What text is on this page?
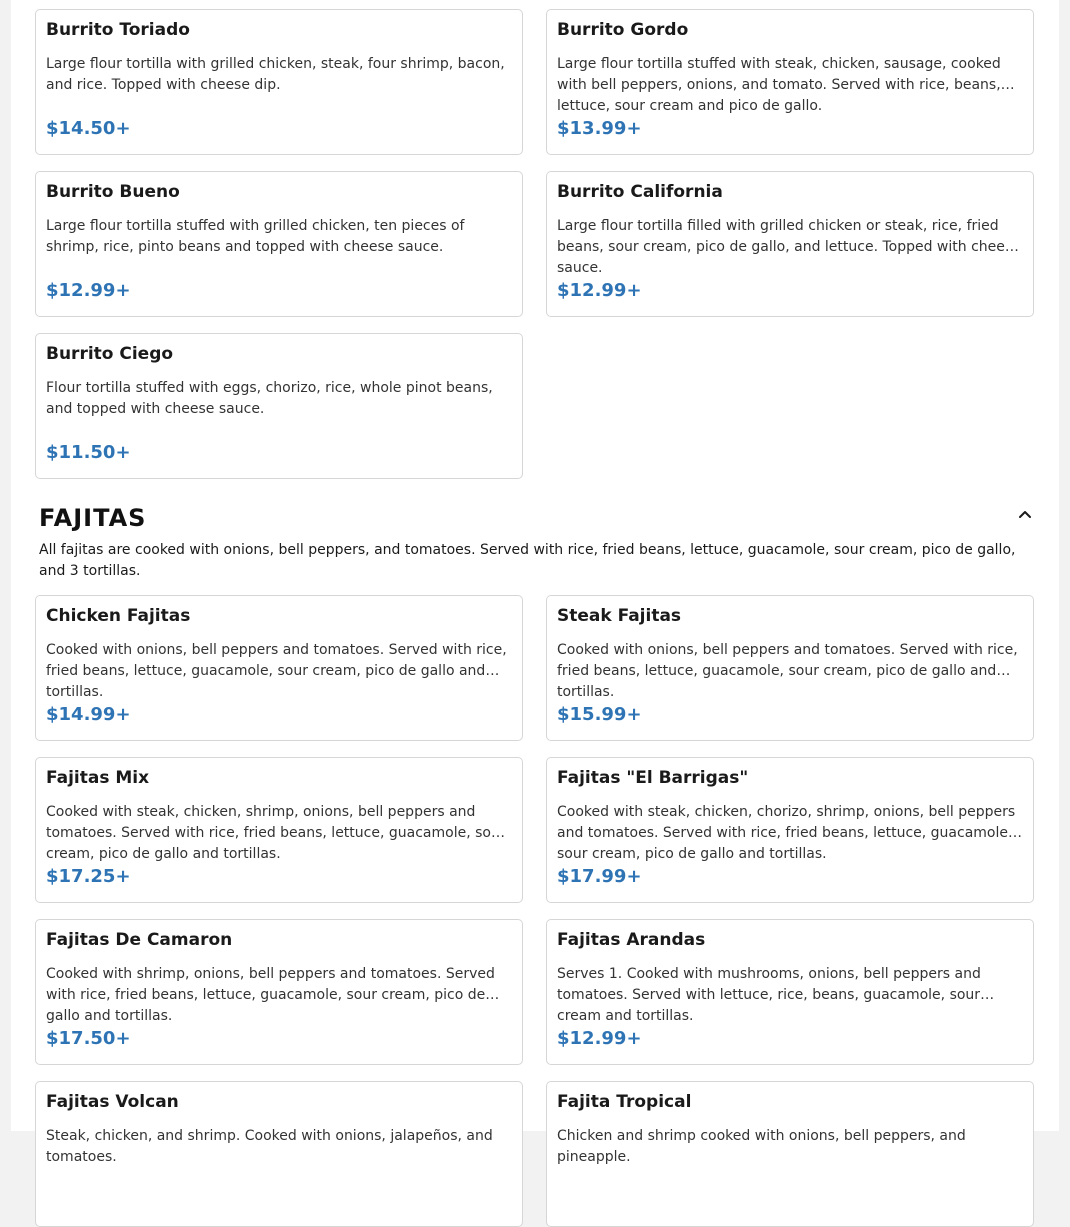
Burrito Toriado
Large flour tortilla with grilled chicken, steak, four shrimp, bacon, and rice. Topped with cheese dip.
$14.50+
Burrito Gordo
Large flour tortilla stuffed with steak, chicken, sausage, cooked with bell peppers, onions, and tomato. Served with rice, beans, lettuce, sour cream and pico de gallo.
$13.99+
Burrito Bueno
Large flour tortilla stuffed with grilled chicken, ten pieces of shrimp, rice, pinto beans and topped with cheese sauce.
$12.99+
Burrito California
Large flour tortilla filled with grilled chicken or steak, rice, fried beans, sour cream, pico de gallo, and lettuce. Topped with cheese sauce.
$12.99+
Burrito Ciego
Flour tortilla stuffed with eggs, chorizo, rice, whole pinot beans, and topped with cheese sauce.
$11.50+
FAJITAS
All fajitas are cooked with onions, bell peppers, and tomatoes. Served with rice, fried beans, lettuce, guacamole, sour cream, pico de gallo, and 3 tortillas.
Chicken Fajitas
Cooked with onions, bell peppers and tomatoes. Served with rice, fried beans, lettuce, guacamole, sour cream, pico de gallo and tortillas.
$14.99+
Steak Fajitas
Cooked with onions, bell peppers and tomatoes. Served with rice, fried beans, lettuce, guacamole, sour cream, pico de gallo and tortillas.
$15.99+
Fajitas Mix
Cooked with steak, chicken, shrimp, onions, bell peppers and tomatoes. Served with rice, fried beans, lettuce, guacamole, sour cream, pico de gallo and tortillas.
$17.25+
Fajitas "El Barrigas"
Cooked with steak, chicken, chorizo, shrimp, onions, bell peppers and tomatoes. Served with rice, fried beans, lettuce, guacamole, sour cream, pico de gallo and tortillas.
$17.99+
Fajitas De Camaron
Cooked with shrimp, onions, bell peppers and tomatoes. Served with rice, fried beans, lettuce, guacamole, sour cream, pico de gallo and tortillas.
$17.50+
Fajitas Arandas
Serves 1. Cooked with mushrooms, onions, bell peppers and tomatoes. Served with lettuce, rice, beans, guacamole, sour cream and tortillas.
$12.99+
Fajitas Volcan
Steak, chicken, and shrimp. Cooked with onions, jalapeños, and tomatoes.
Fajita Tropical
Chicken and shrimp cooked with onions, bell peppers, and pineapple.
